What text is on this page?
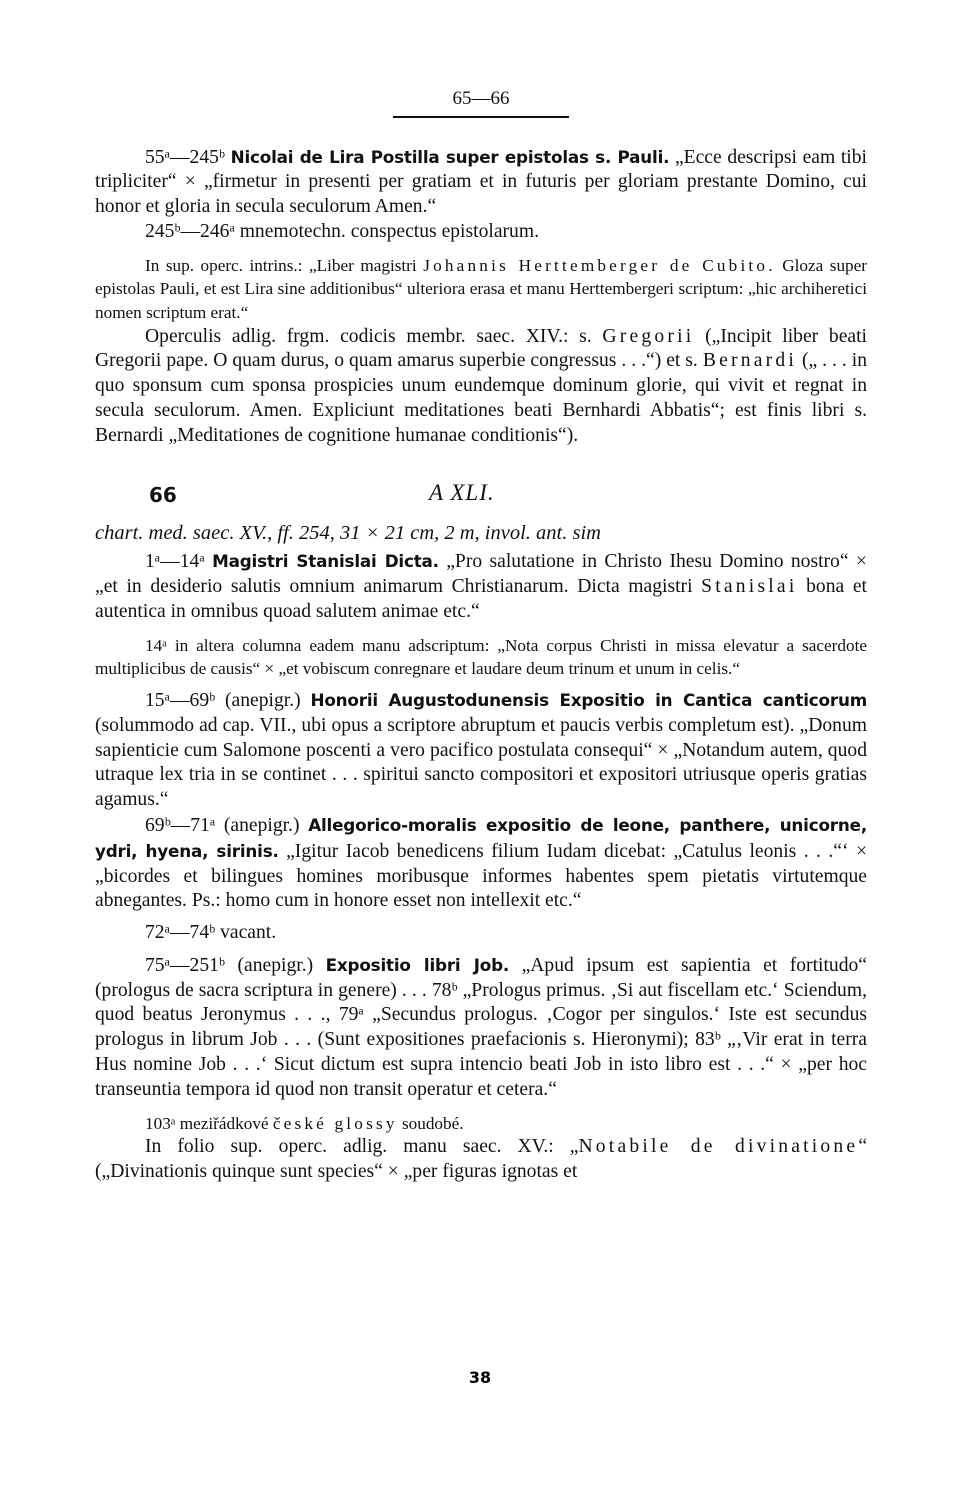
65—66

55ᵃ—245ᵇ Nicolai de Lira Postilla super epistolas s. Pauli. „Ecce descripsi eam tibi tripliciter“ × „firmetur in presenti per gratiam et in futuris per gloriam prestante Domino, cui honor et gloria in secula seculorum Amen.“

245ᵇ—246ᵃ mnemotechn. conspectus epistolarum.

In sup. operc. intrins.: „Liber magistri Johannis Herttemberger de Cubito. Gloza super epistolas Pauli, et est Lira sine additionibus“ ulteriora erasa et manu Herttembergeri scriptum: „hic archiheretici nomen scriptum erat.“

Operculis adlig. frgm. codicis membr. saec. XIV.: s. Gregorii („Incipit liber beati Gregorii pape. O quam durus, o quam amarus superbie congressus . . .“) et s. Bernardi („ . . . in quo sponsum cum sponsa prospicies unum eundemque dominum glorie, qui vivit et regnat in secula seculorum. Amen. Expliciunt meditationes beati Bernhardi Abbatis“; est finis libri s. Bernardi „Meditationes de cognitione humanae conditionis“).

66	A XLI.

chart. med. saec. XV., ff. 254, 31 × 21 cm, 2 m, invol. ant. sim

1ᵃ—14ᵃ Magistri Stanislai Dicta. „Pro salutatione in Christo Ihesu Domino nostro“ × „et in desiderio salutis omnium animarum Christianarum. Dicta magistri Stanislai bona et autentica in omnibus quoad salutem animae etc.“

14ᵃ in altera columna eadem manu adscriptum: „Nota corpus Christi in missa elevatur a sacerdote multiplicibus de causis“ × „et vobiscum conregnare et laudare deum trinum et unum in celis.“

15ᵃ—69ᵇ (anepigr.) Honorii Augustodunensis Expositio in Cantica canticorum (solummodo ad cap. VII., ubi opus a scriptore abruptum et paucis verbis completum est). „Donum sapienticie cum Salomone poscenti a vero pacifico postulata consequi“ × „Notandum autem, quod utraque lex tria in se continet . . . spiritui sancto compositori et expositori utriusque operis gratias agamus.“

69ᵇ—71ᵃ (anepigr.) Allegorico-moralis expositio de leone, panthere, unicorne, ydri, hyena, sirinis. „Igitur Iacob benedicens filium Iudam dicebat: „Catulus leonis . . .“‘ × „bicordes et bilingues homines moribusque informes habentes spem pietatis virtutemque abnegantes. Ps.: homo cum in honore esset non intellexit etc.“

72ᵃ—74ᵇ vacant.

75ᵃ—251ᵇ (anepigr.) Expositio libri Job. „Apud ipsum est sapientia et fortitudo“ (prologus de sacra scriptura in genere) . . . 78ᵇ „Prologus primus. ‚Si aut fiscellam etc.‘ Sciendum, quod beatus Jeronymus . . ., 79ᵃ „Secundus prologus. ‚Cogor per singulos.‘ Iste est secundus prologus in librum Job . . . (Sunt expositiones praefacionis s. Hieronymi); 83ᵇ „‚Vir erat in terra Hus nomine Job . . .‘ Sicut dictum est supra intencio beati Job in isto libro est . . .“ × „per hoc transeuntia tempora id quod non transit operatur et cetera.“

103ᵃ meziřádkové české glossy soudobé.

In folio sup. operc. adlig. manu saec. XV.: „Notabile de divinatione“ („Divinationis quinque sunt species“ × „per figuras ignotas et

38
